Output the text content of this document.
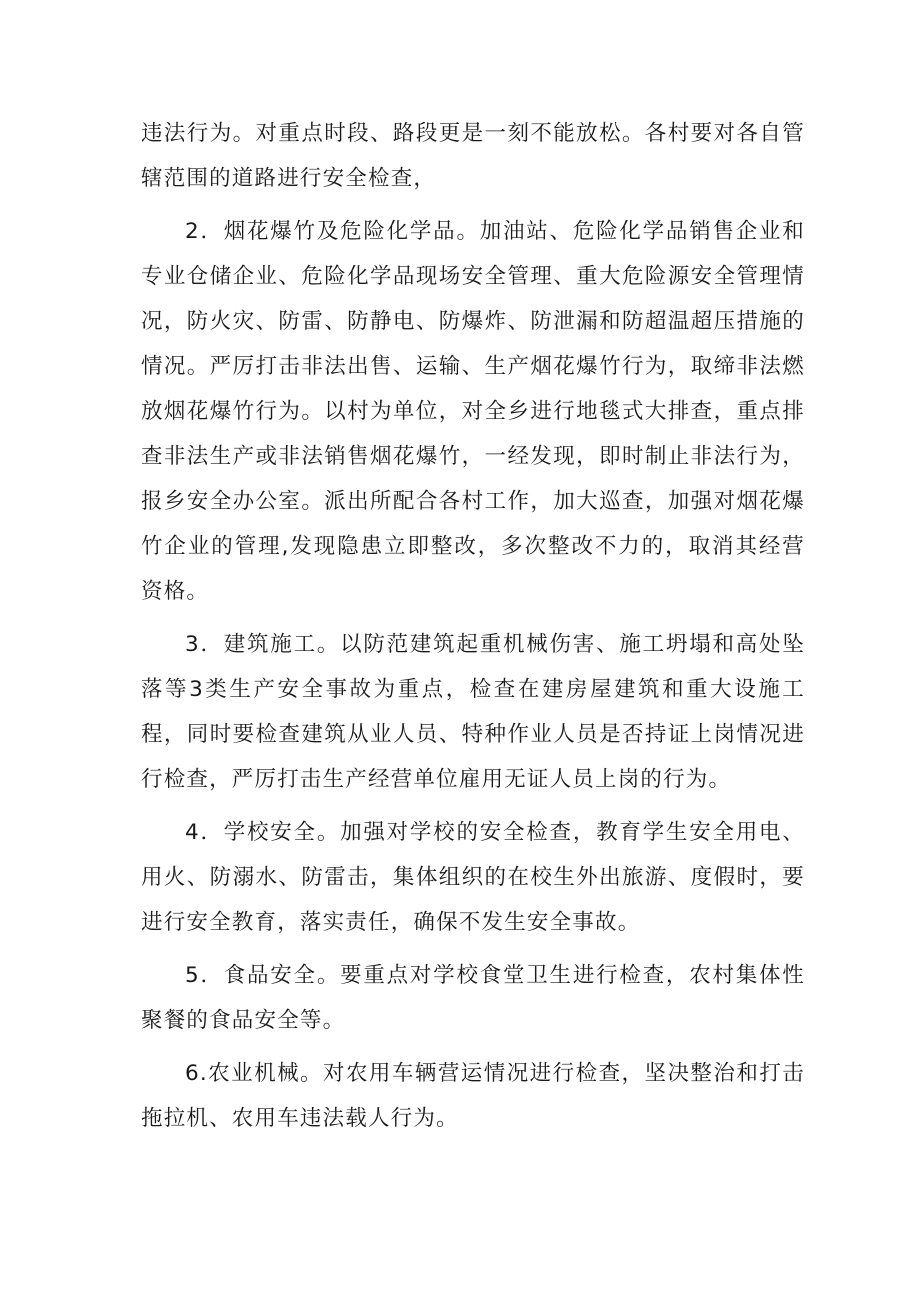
违法行为。对重点时段、路段更是一刻不能放松。各村要对各自管辖范围的道路进行安全检查，

2．烟花爆竹及危险化学品。加油站、危险化学品销售企业和专业仓储企业、危险化学品现场安全管理、重大危险源安全管理情况，防火灾、防雷、防静电、防爆炸、防泄漏和防超温超压措施的情况。严厉打击非法出售、运输、生产烟花爆竹行为，取缔非法燃放烟花爆竹行为。以村为单位，对全乡进行地毯式大排查，重点排查非法生产或非法销售烟花爆竹，一经发现，即时制止非法行为，报乡安全办公室。派出所配合各村工作，加大巡查，加强对烟花爆竹企业的管理,发现隐患立即整改，多次整改不力的，取消其经营资格。

3．建筑施工。以防范建筑起重机械伤害、施工坍塌和高处坠落等3类生产安全事故为重点，检查在建房屋建筑和重大设施工程，同时要检查建筑从业人员、特种作业人员是否持证上岗情况进行检查，严厉打击生产经营单位雇用无证人员上岗的行为。

4．学校安全。加强对学校的安全检查，教育学生安全用电、用火、防溺水、防雷击，集体组织的在校生外出旅游、度假时，要进行安全教育，落实责任，确保不发生安全事故。

5．食品安全。要重点对学校食堂卫生进行检查，农村集体性聚餐的食品安全等。

6.农业机械。对农用车辆营运情况进行检查，坚决整治和打击拖拉机、农用车违法载人行为。
